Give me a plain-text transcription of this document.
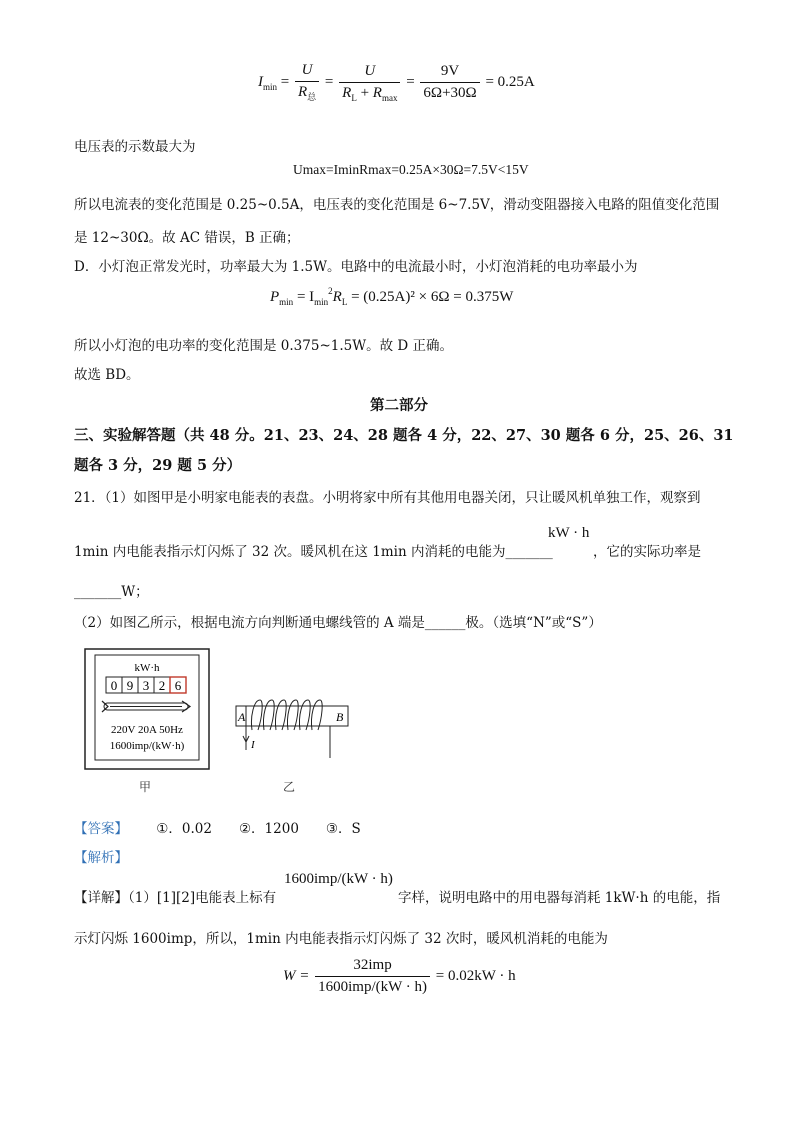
$I_{min} = \frac{U}{R_总} = \frac{U}{R_L + R_{max}} = \frac{9V}{6\Omega+30\Omega} = 0.25A$
电压表的示数最大为
Umax=IminRmax=0.25A×30Ω=7.5V<15V
所以电流表的变化范围是 0.25~0.5A，电压表的变化范围是 6~7.5V，滑动变阻器接入电路的阻值变化范围
是 12~30Ω。故 AC 错误，B 正确；
D．小灯泡正常发光时，功率最大为 1.5W。电路中的电流最小时，小灯泡消耗的电功率最小为
$P_{min} = I_{min}^2R_L = (0.25A)^2 \times 6\Omega = 0.375W$
所以小灯泡的电功率的变化范围是 0.375~1.5W。故 D 正确。
故选 BD。
第二部分
三、实验解答题（共 48 分。21、23、24、28 题各 4 分，22、27、30 题各 6 分，25、26、31
题各 3 分，29 题 5 分）
21．（1）如图甲是小明家电能表的表盘。小明将家中所有其他用电器关闭，只让暖风机单独工作，观察到
1min 内电能表指示灯闪烁了 32 次。暖风机在这 1min 内消耗的电能为_______
kW · h
，它的实际功率是
_______W；
（2）如图乙所示，根据电流方向判断通电螺线管的 A 端是______极。（选填“N”或“S”）
kW·h
0 9 3 2 6
220V 20A 50Hz
1600imp/(kW·h)
甲
A	B
I
乙
【答案】 ①．0.02　　②．1200　　③．S
【解析】
【详解】（1）[1][2]电能表上标有
1600imp/(kW · h)
字样，说明电路中的用电器每消耗 1kW·h 的电能，指
示灯闪烁 1600imp，所以，1min 内电能表指示灯闪烁了 32 次时，暖风机消耗的电能为
$W = \frac{\text{32imp}}{\text{1600imp/(kW · h)}} = 0.02kW \cdot h$
